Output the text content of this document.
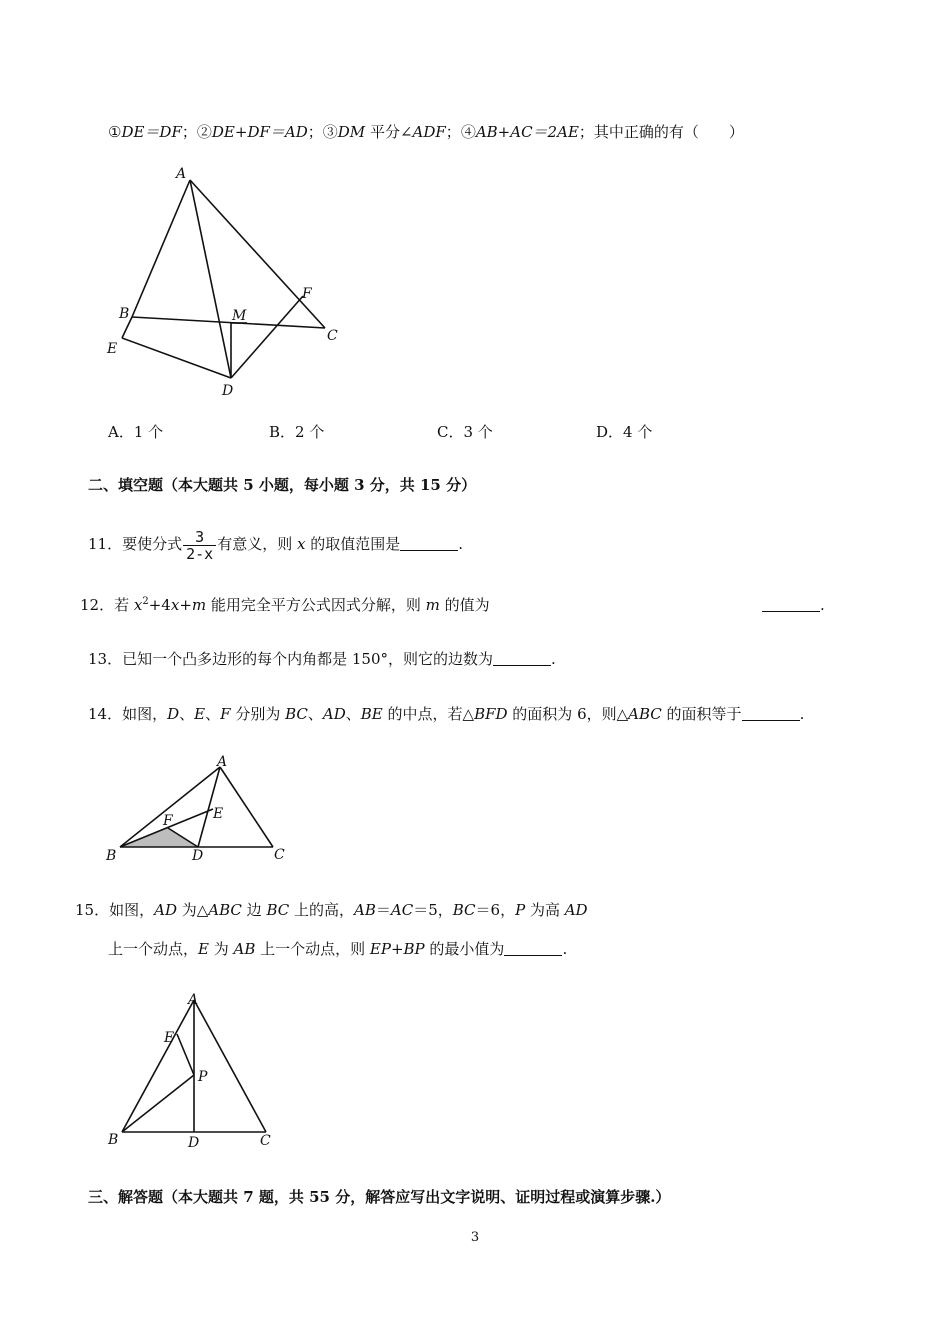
①DE＝DF；②DE+DF＝AD；③DM 平分∠ADF；④AB+AC＝2AE；其中正确的有（　　）
A
B
E
M
F
C
D
A．1 个	B．2 个	C．3 个	D．4 个
二、填空题（本大题共 5 小题，每小题 3 分，共 15 分）
11．要使分式 $\frac{3}{2-x}$ 有意义，则 x 的取值范围是	.
12．若 $x^2+4x+m$ 能用完全平方公式因式分解，则 m 的值为	.
13．已知一个凸多边形的每个内角都是 150°，则它的边数为	.
14．如图，D、E、F 分别为 BC、AD、BE 的中点，若△BFD 的面积为 6，则△ABC 的面积等于	.
A
E
F
B	D	C
15．如图，AD 为△ABC 边 BC 上的高，AB＝AC＝5，BC＝6，P 为高 AD
上一个动点，E 为 AB 上一个动点，则 EP+BP 的最小值为	.
A
E
P
B	D	C
三、解答题（本大题共 7 题，共 55 分，解答应写出文字说明、证明过程或演算步骤.）
3
